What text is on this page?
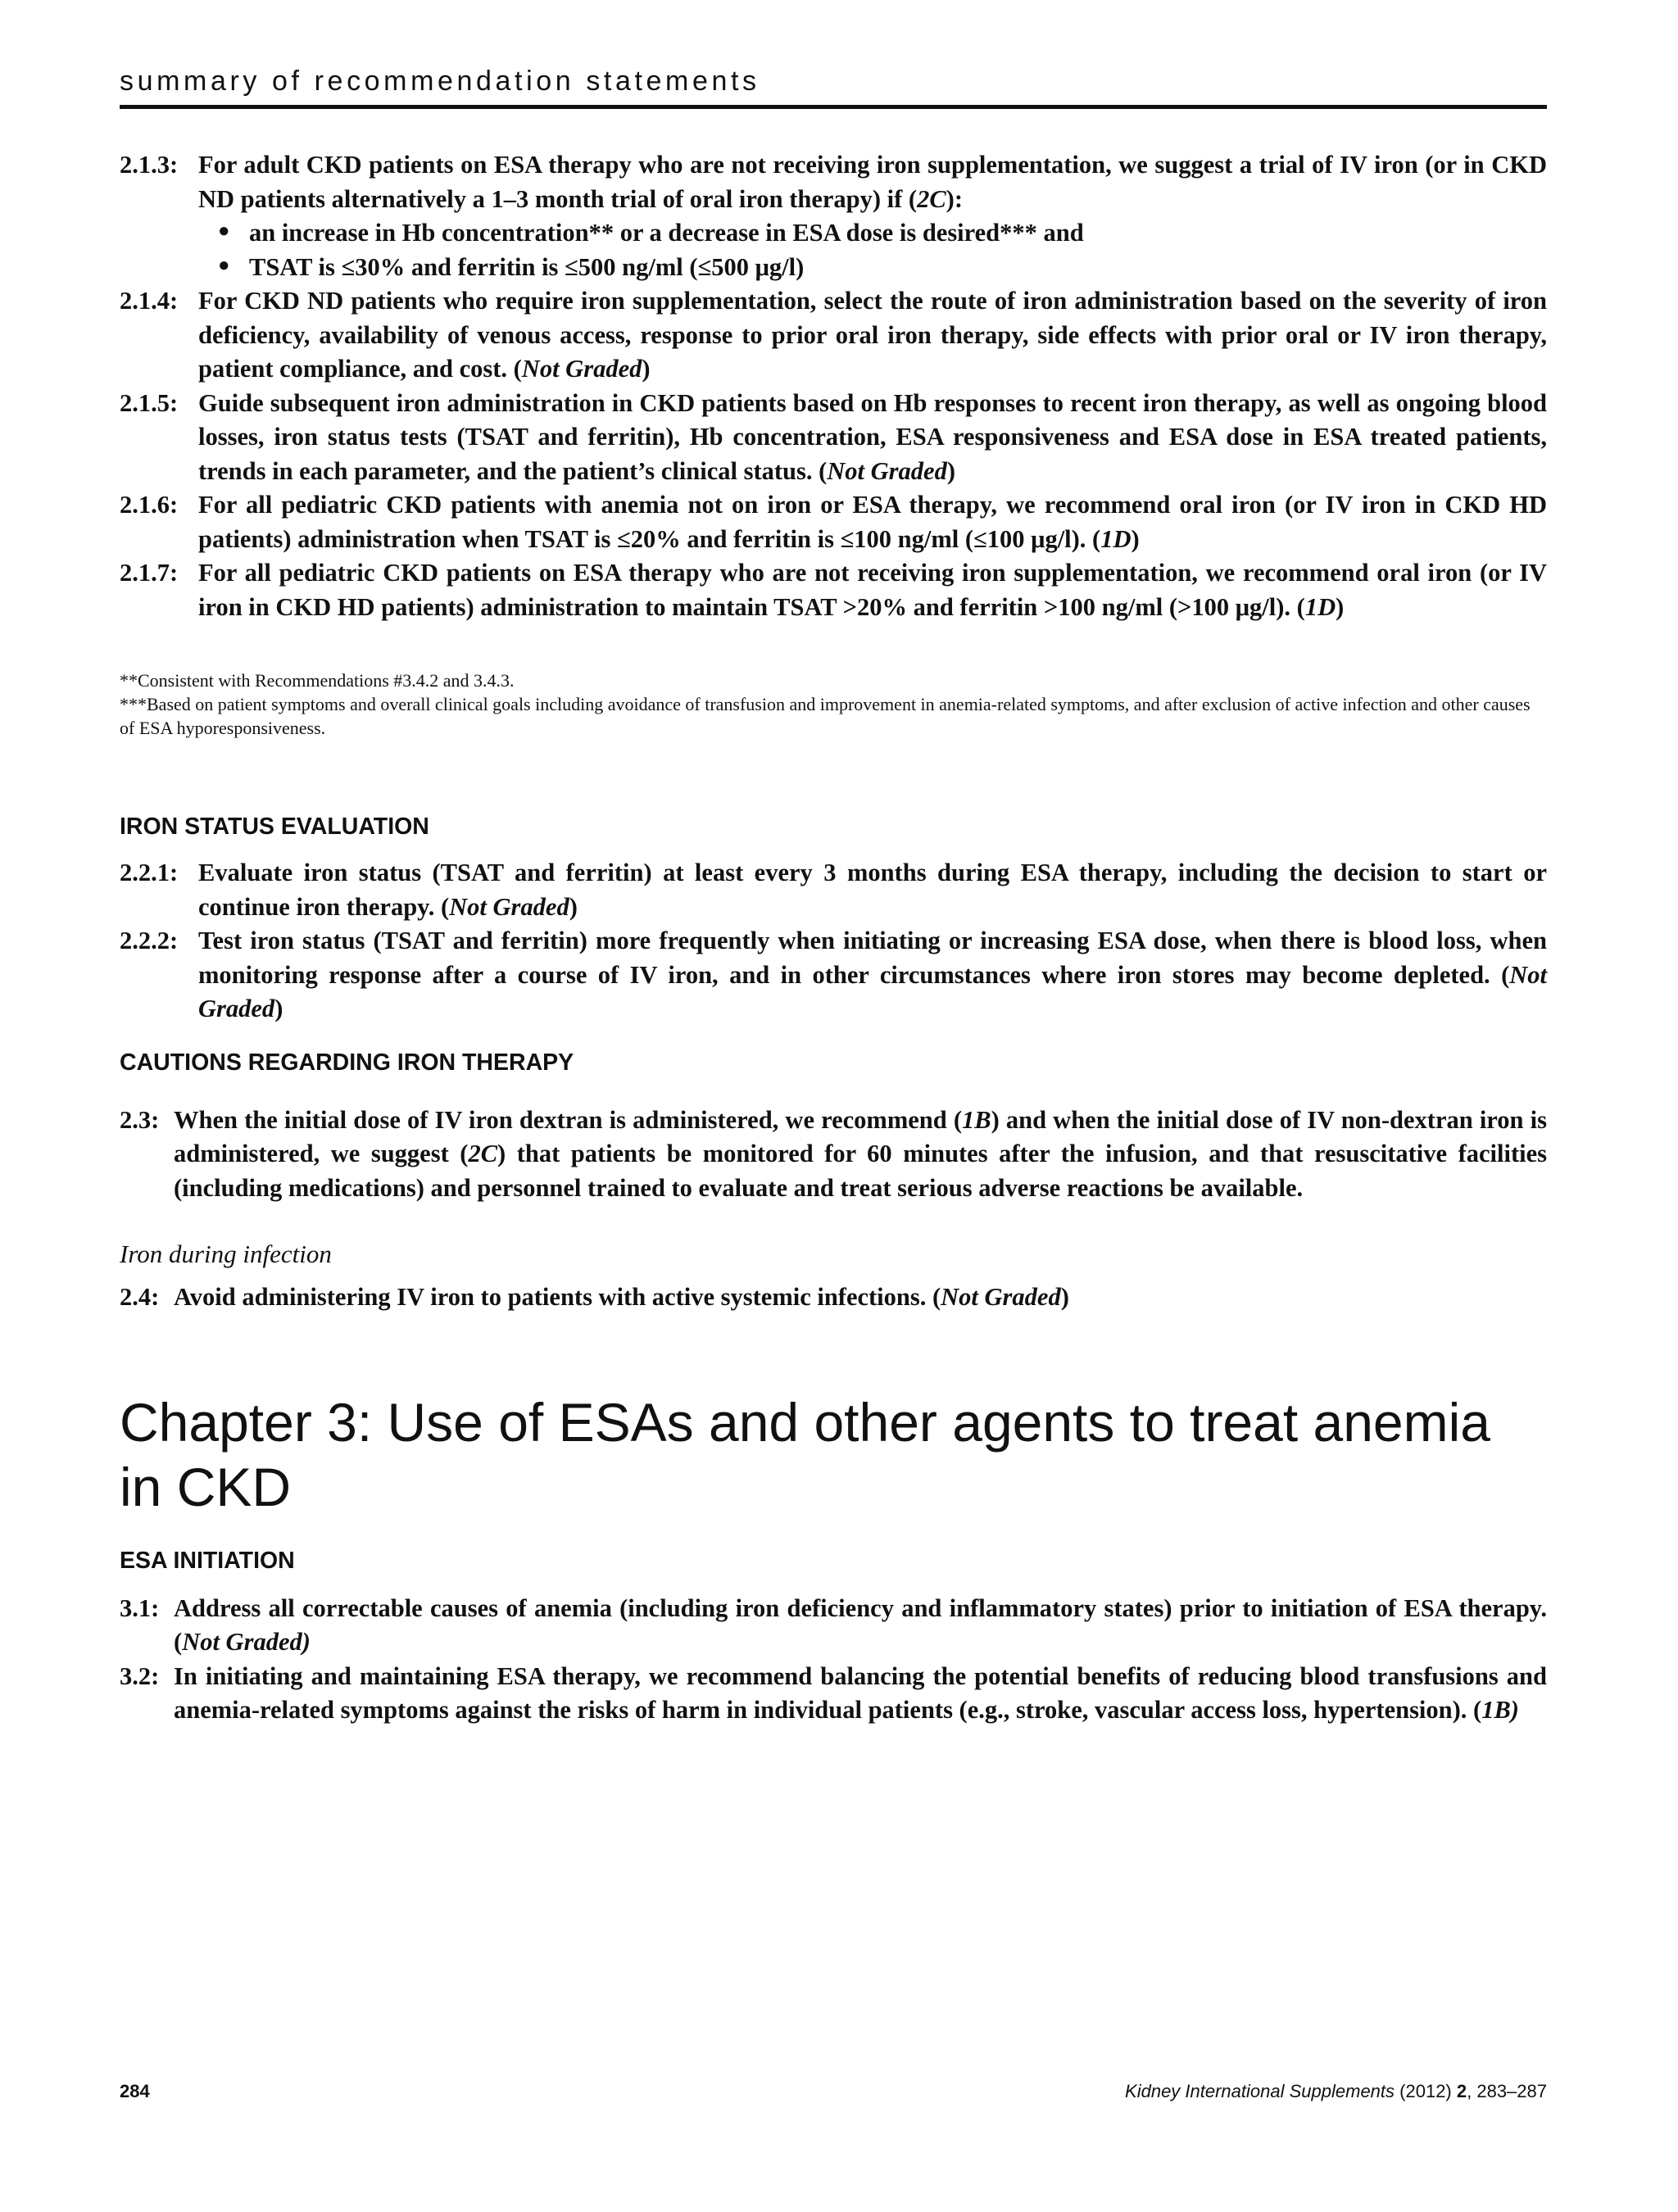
summary of recommendation statements
2.1.3: For adult CKD patients on ESA therapy who are not receiving iron supplementation, we suggest a trial of IV iron (or in CKD ND patients alternatively a 1–3 month trial of oral iron therapy) if (2C):
● an increase in Hb concentration** or a decrease in ESA dose is desired*** and
● TSAT is ≤30% and ferritin is ≤500 ng/ml (≤500 μg/l)
2.1.4: For CKD ND patients who require iron supplementation, select the route of iron administration based on the severity of iron deficiency, availability of venous access, response to prior oral iron therapy, side effects with prior oral or IV iron therapy, patient compliance, and cost. (Not Graded)
2.1.5: Guide subsequent iron administration in CKD patients based on Hb responses to recent iron therapy, as well as ongoing blood losses, iron status tests (TSAT and ferritin), Hb concentration, ESA responsiveness and ESA dose in ESA treated patients, trends in each parameter, and the patient’s clinical status. (Not Graded)
2.1.6: For all pediatric CKD patients with anemia not on iron or ESA therapy, we recommend oral iron (or IV iron in CKD HD patients) administration when TSAT is ≤20% and ferritin is ≤100 ng/ml (≤100 μg/l). (1D)
2.1.7: For all pediatric CKD patients on ESA therapy who are not receiving iron supplementation, we recommend oral iron (or IV iron in CKD HD patients) administration to maintain TSAT >20% and ferritin >100 ng/ml (>100 μg/l). (1D)

**Consistent with Recommendations #3.4.2 and 3.4.3.

***Based on patient symptoms and overall clinical goals including avoidance of transfusion and improvement in anemia-related symptoms, and after exclusion of active infection and other causes of ESA hyporesponsiveness.

IRON STATUS EVALUATION
2.2.1: Evaluate iron status (TSAT and ferritin) at least every 3 months during ESA therapy, including the decision to start or continue iron therapy. (Not Graded)
2.2.2: Test iron status (TSAT and ferritin) more frequently when initiating or increasing ESA dose, when there is blood loss, when monitoring response after a course of IV iron, and in other circumstances where iron stores may become depleted. (Not Graded)
CAUTIONS REGARDING IRON THERAPY
2.3: When the initial dose of IV iron dextran is administered, we recommend (1B) and when the initial dose of IV non-dextran iron is administered, we suggest (2C) that patients be monitored for 60 minutes after the infusion, and that resuscitative facilities (including medications) and personnel trained to evaluate and treat serious adverse reactions be available.
Iron during infection
2.4: Avoid administering IV iron to patients with active systemic infections. (Not Graded)
Chapter 3: Use of ESAs and other agents to treat anemia in CKD
ESA INITIATION
3.1: Address all correctable causes of anemia (including iron deficiency and inflammatory states) prior to initiation of ESA therapy. (Not Graded)
3.2: In initiating and maintaining ESA therapy, we recommend balancing the potential benefits of reducing blood transfusions and anemia-related symptoms against the risks of harm in individual patients (e.g., stroke, vascular access loss, hypertension). (1B)
284	Kidney International Supplements (2012) 2, 283–287
